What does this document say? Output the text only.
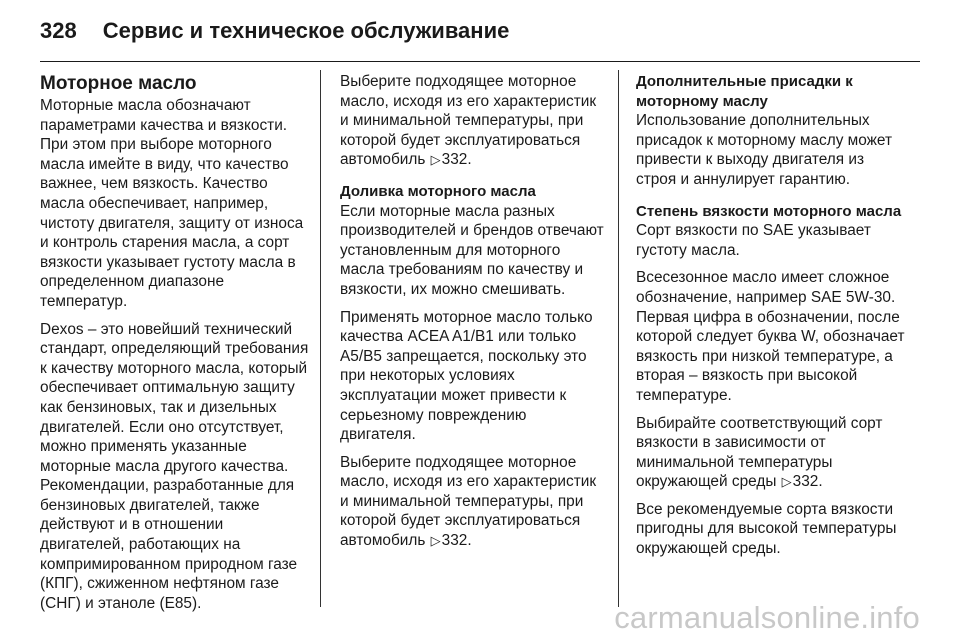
328 Сервис и техническое обслуживание
Моторное масло

Моторные масла обозначают параметрами качества и вязкости. При этом при выборе моторного масла имейте в виду, что качество важнее, чем вязкость. Качество масла обеспечивает, например, чистоту двигателя, защиту от износа и контроль старения масла, а сорт вязкости указывает густоту масла в определенном диапазоне температур.

Dexos – это новейший технический стандарт, определяющий требования к качеству моторного масла, который обеспечивает оптимальную защиту как бензиновых, так и дизельных двигателей. Если оно отсутствует, можно применять указанные моторные масла другого качества. Рекомендации, разработанные для бензиновых двигателей, также действуют и в отношении двигателей, работающих на компримированном природном газе (КПГ), сжиженном нефтяном газе (СНГ) и этаноле (E85).

Выберите подходящее моторное масло, исходя из его характеристик и минимальной температуры, при которой будет эксплуатироваться автомобиль ▷332.

Доливка моторного масла

Если моторные масла разных производителей и брендов отвечают установленным для моторного масла требованиям по качеству и вязкости, их можно смешивать.

Применять моторное масло только качества ACEA A1/B1 или только A5/B5 запрещается, поскольку это при некоторых условиях эксплуатации может привести к серьезному повреждению двигателя.

Выберите подходящее моторное масло, исходя из его характеристик и минимальной температуры, при которой будет эксплуатироваться автомобиль ▷332.

Дополнительные присадки к моторному маслу

Использование дополнительных присадок к моторному маслу может привести к выходу двигателя из строя и аннулирует гарантию.

Степень вязкости моторного масла

Сорт вязкости по SAE указывает густоту масла.

Всесезонное масло имеет сложное обозначение, например SAE 5W-30. Первая цифра в обозначении, после которой следует буква W, обозначает вязкость при низкой температуре, а вторая – вязкость при высокой температуре.

Выбирайте соответствующий сорт вязкости в зависимости от минимальной температуры окружающей среды ▷332.

Все рекомендуемые сорта вязкости пригодны для высокой температуры окружающей среды.

carmanualsonline.info
